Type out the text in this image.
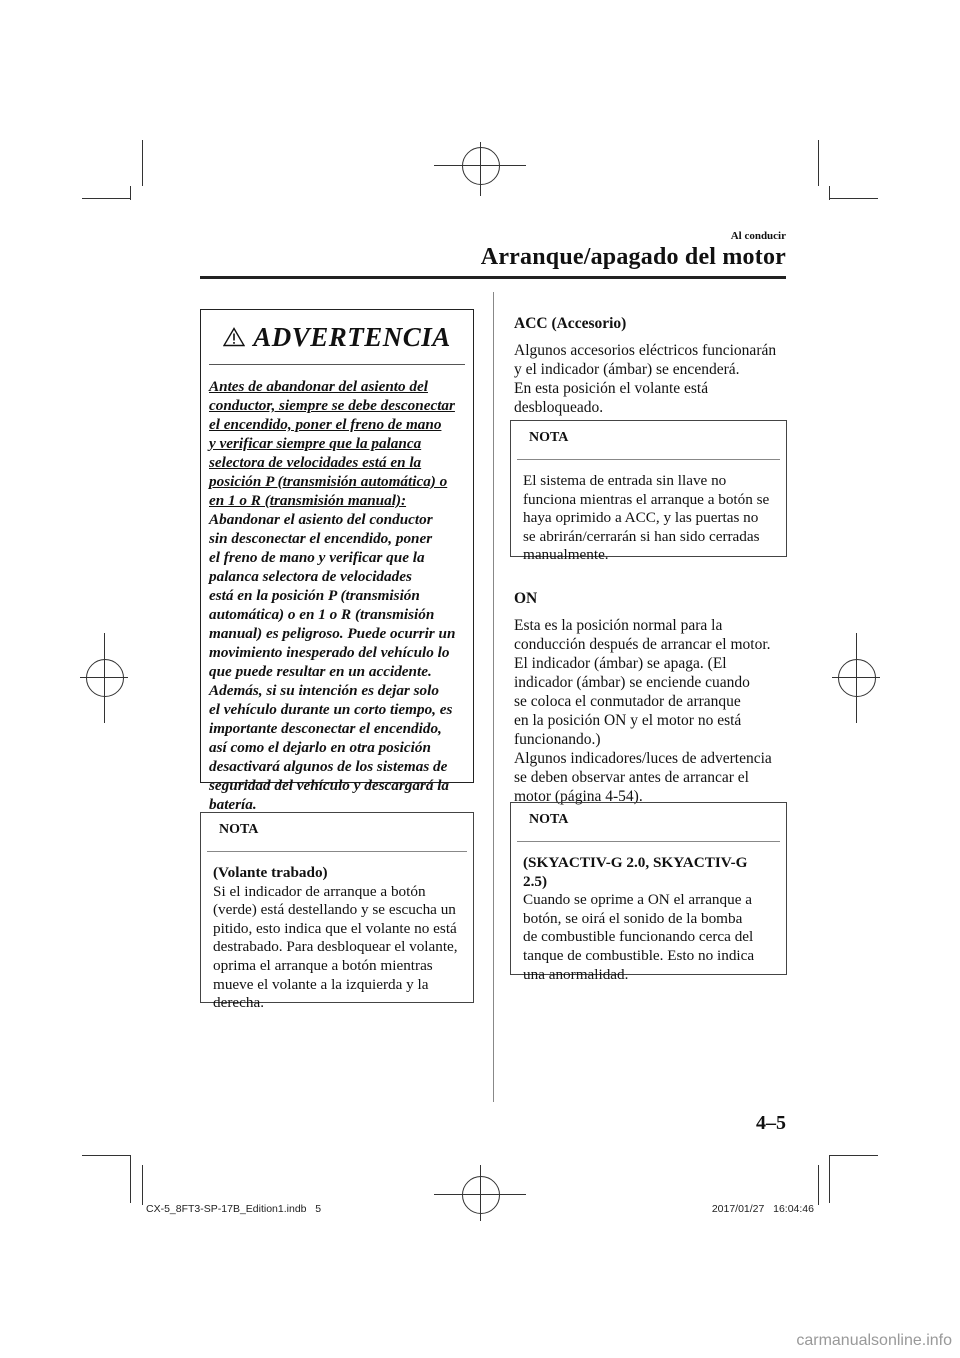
Al conducir
Arranque/apagado del motor
ADVERTENCIA

Antes de abandonar del asiento del

conductor, siempre se debe desconectar

el encendido, poner el freno de mano

y verificar siempre que la palanca

selectora de velocidades está en la

posición P (transmisión automática) o

en 1 o R (transmisión manual):

Abandonar el asiento del conductor

sin desconectar el encendido, poner

el freno de mano y verificar que la

palanca selectora de velocidades

está en la posición P (transmisión

automática) o en 1 o R (transmisión

manual) es peligroso. Puede ocurrir un

movimiento inesperado del vehículo lo

que puede resultar en un accidente.

Además, si su intención es dejar solo

el vehículo durante un corto tiempo, es

importante desconectar el encendido,

así como el dejarlo en otra posición

desactivará algunos de los sistemas de

seguridad del vehículo y descargará la

batería.

NOTA

(Volante trabado)

Si el indicador de arranque a botón

(verde) está destellando y se escucha un

pitido, esto indica que el volante no está

destrabado. Para desbloquear el volante,

oprima el arranque a botón mientras

mueve el volante a la izquierda y la

derecha.

ACC (Accesorio)

Algunos accesorios eléctricos funcionarán

y el indicador (ámbar) se encenderá.

En esta posición el volante está

desbloqueado.

NOTA

El sistema de entrada sin llave no

funciona mientras el arranque a botón se

haya oprimido a ACC, y las puertas no

se abrirán/cerrarán si han sido cerradas

manualmente.

ON

Esta es la posición normal para la

conducción después de arrancar el motor.

El indicador (ámbar) se apaga. (El

indicador (ámbar) se enciende cuando

se coloca el conmutador de arranque

en la posición ON y el motor no está

funcionando.)

Algunos indicadores/luces de advertencia

se deben observar antes de arrancar el

motor (página 4-54).

NOTA

(SKYACTIV-G 2.0, SKYACTIV-G

2.5)

Cuando se oprime a ON el arranque a

botón, se oirá el sonido de la bomba

de combustible funcionando cerca del

tanque de combustible. Esto no indica

una anormalidad.

4–5
CX-5_8FT3-SP-17B_Edition1.indb   5	2017/01/27   16:04:46
carmanualsonline.info
